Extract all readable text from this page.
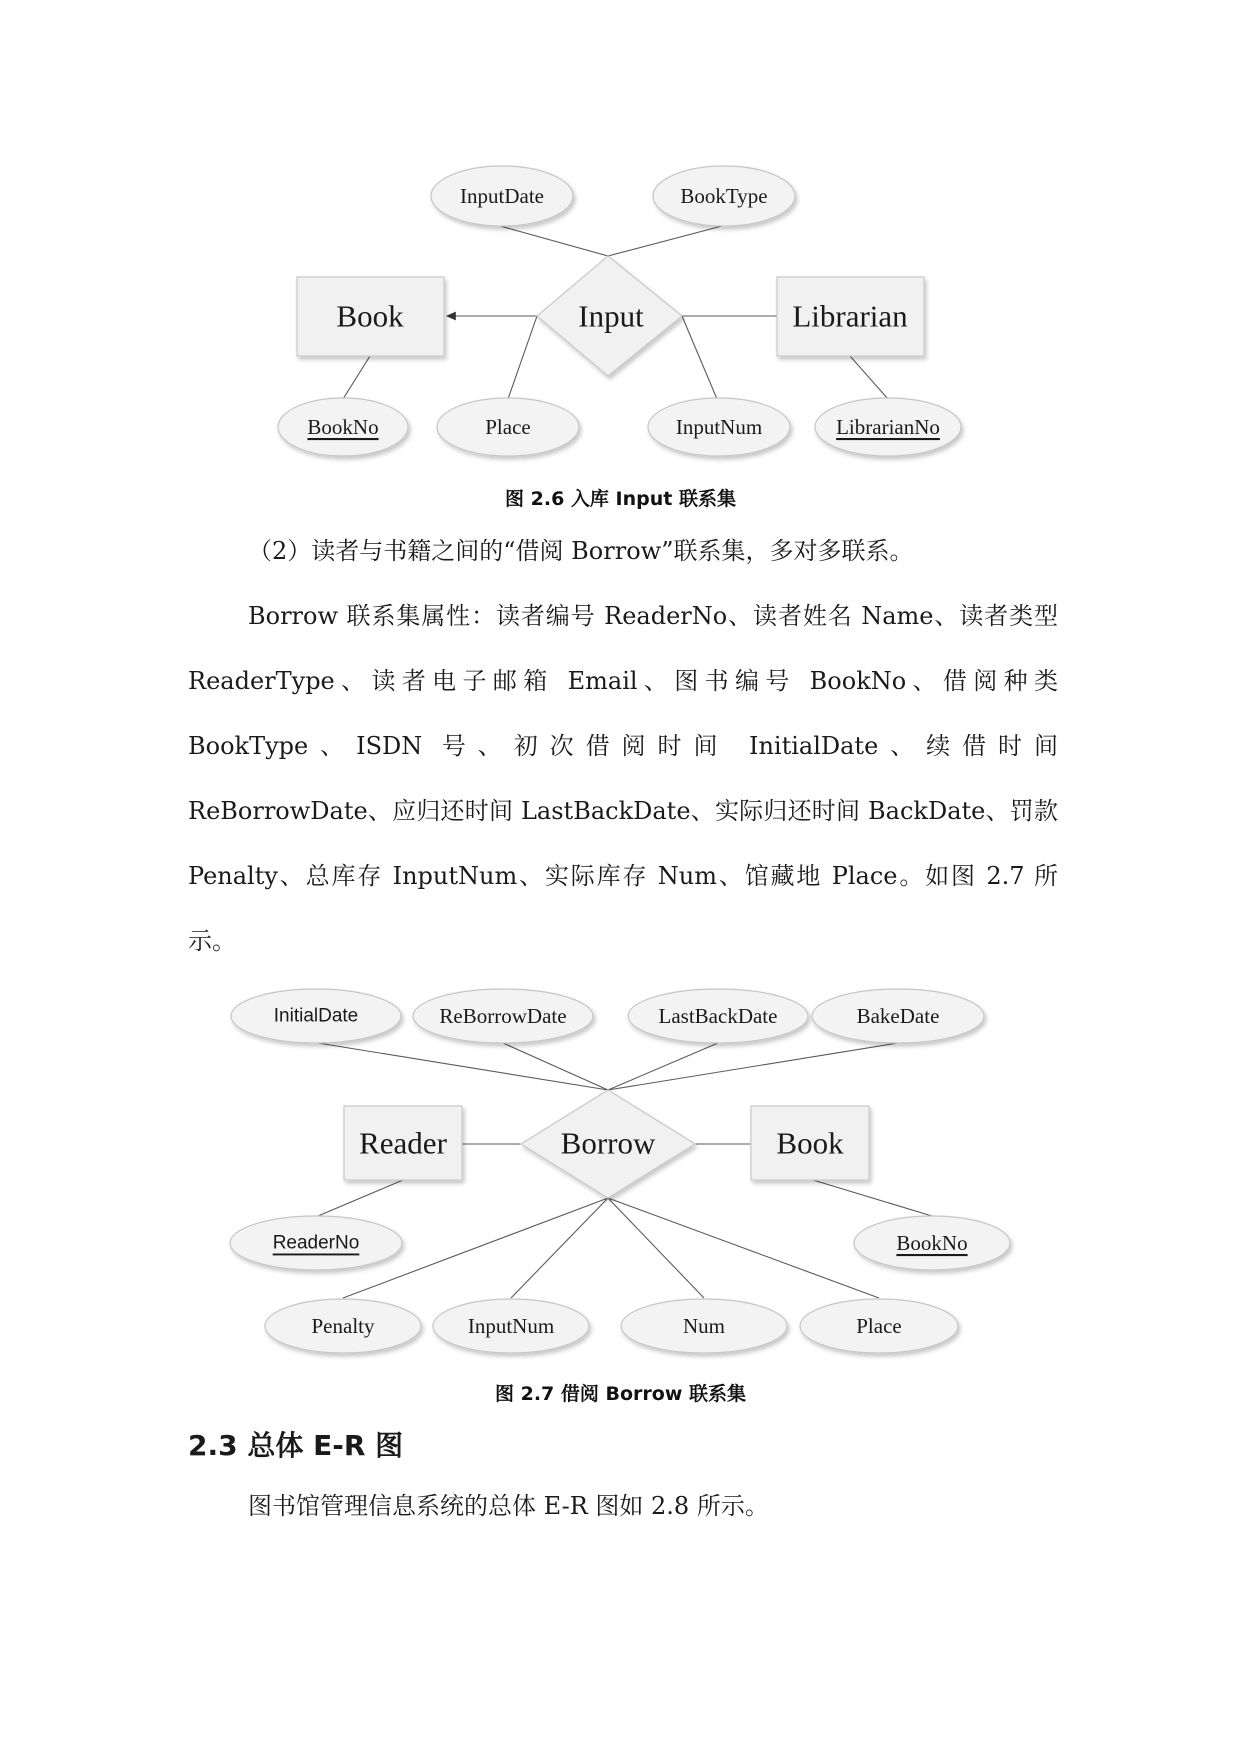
Book	Librarian
Input
InputDate	BookType
BookNo	Place	InputNum	LibrarianNo
图 2.6 入库 Input 联系集

（2）读者与书籍之间的“借阅 Borrow”联系集，多对多联系。

Borrow 联系集属性：读者编号 ReaderNo、读者姓名 Name、读者类型 ReaderType、读者电子邮箱 Email、图书编号 BookNo、借阅种类 BookType、ISDN 号、初次借阅时间 InitialDate、续借时间 ReBorrowDate、应归还时间 LastBackDate、实际归还时间 BackDate、罚款 Penalty、总库存 InputNum、实际库存 Num、馆藏地 Place。如图 2.7 所示。

Reader	Book
Borrow
InitialDate	ReBorrowDate	LastBackDate	BakeDate
ReaderNo	BookNo
Penalty	InputNum	Num	Place
图 2.7 借阅 Borrow 联系集
2.3 总体 E-R 图

图书馆管理信息系统的总体 E-R 图如 2.8 所示。
